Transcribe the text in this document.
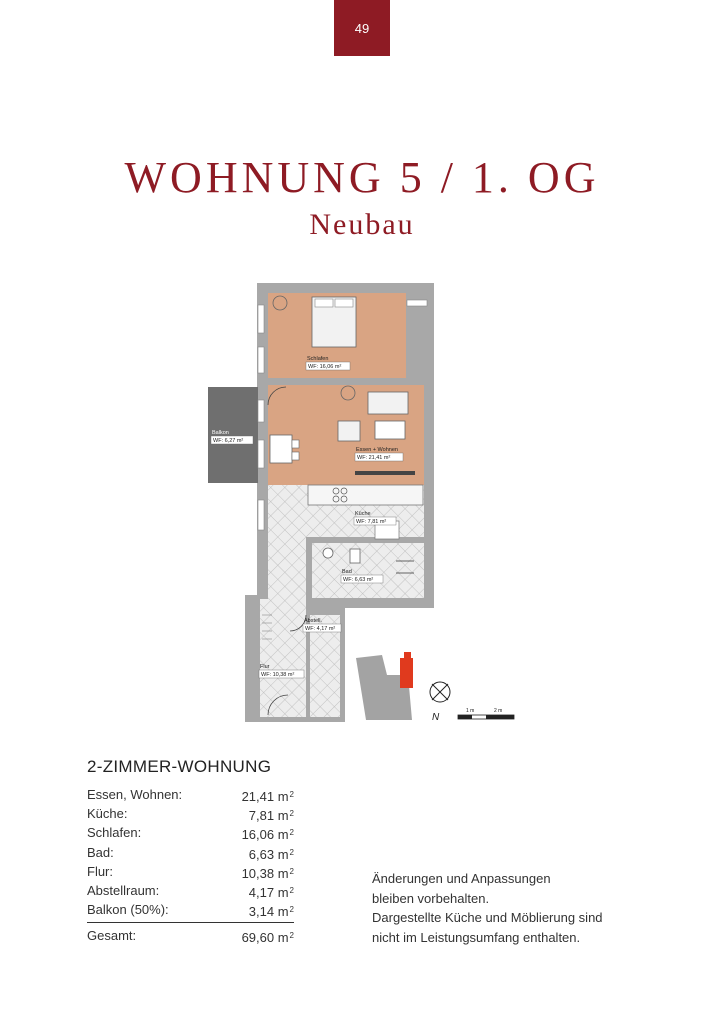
49
WOHNUNG 5 / 1. OG
Neubau
Schlafen
WF: 16,06 m²
Essen + Wohnen
WF: 21,41 m²
Küche
WF: 7,81 m²
Bad
WF: 6,63 m²
Abstell.
WF: 4,17 m²
Flur
WF: 10,38 m²
Balkon
WF: 6,27 m²
N
1 m	2 m
2-ZIMMER-WOHNUNG
Essen, Wohnen:	21,41 $m^2$
Küche:	7,81 $m^2$
Schlafen:	16,06 $m^2$
Bad:	6,63 $m^2$
Flur:	10,38 $m^2$
Abstellraum:	4,17 $m^2$
Balkon (50%):	3,14 $m^2$
Gesamt:	69,60 $m^2$
Änderungen und Anpassungen
bleiben vorbehalten.
Dargestellte Küche und Möblierung sind
nicht im Leistungsumfang enthalten.
